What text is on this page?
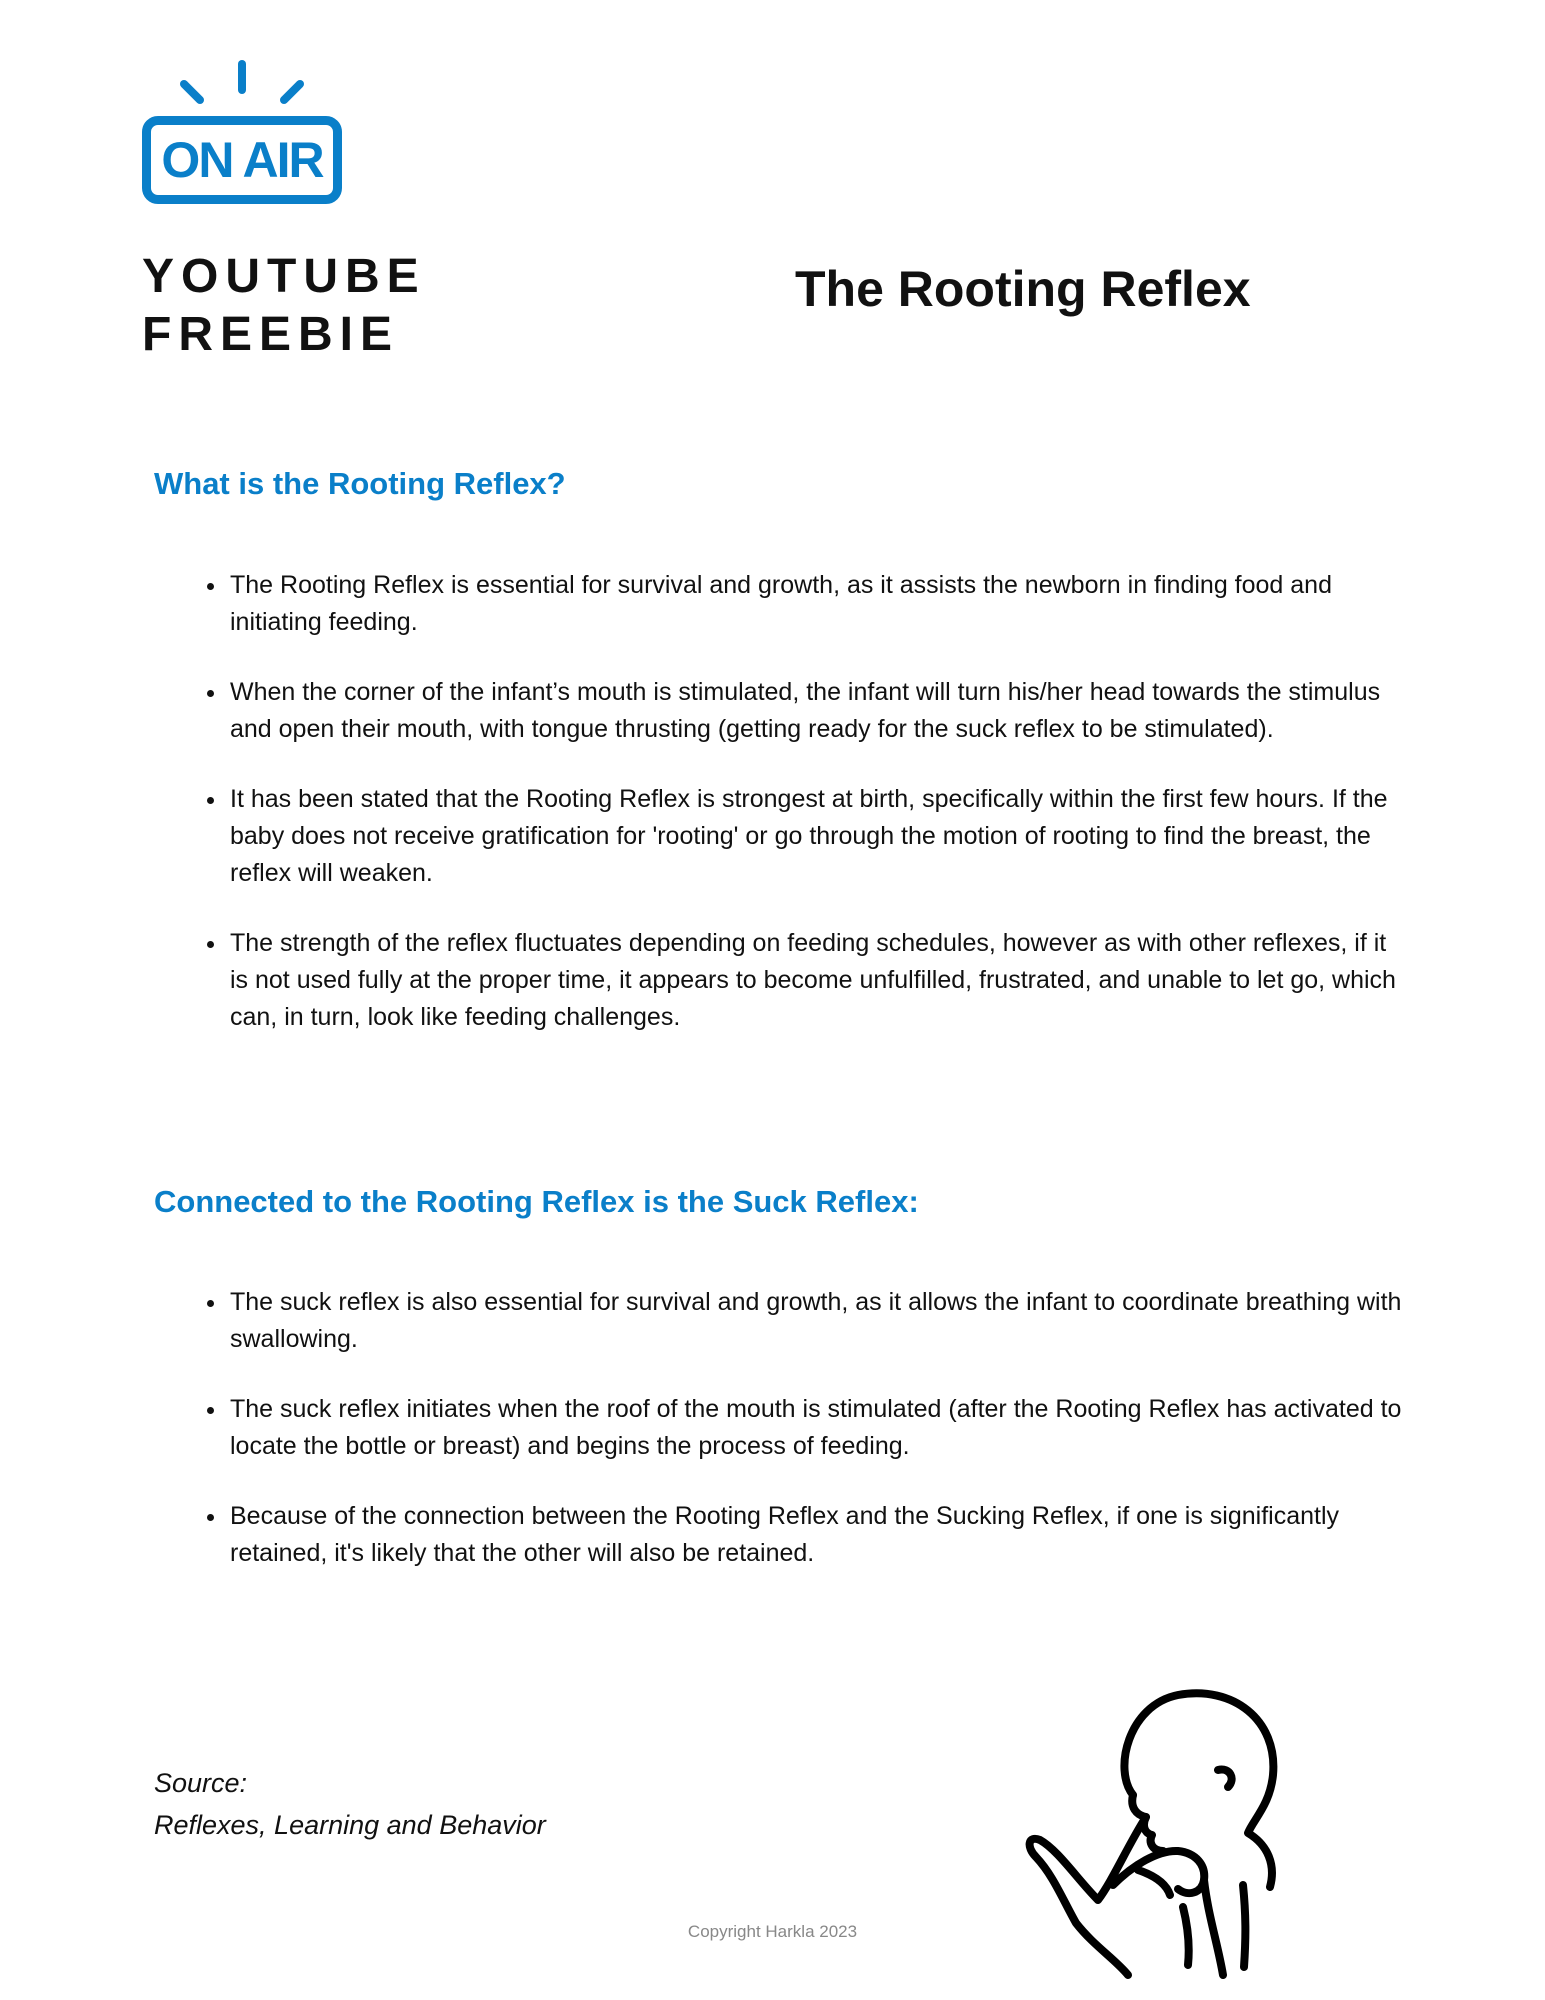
ON AIR
YOUTUBE
FREEBIE
The Rooting Reflex
What is the Rooting Reflex?
• The Rooting Reflex is essential for survival and growth, as it assists the newborn in finding food and initiating feeding.
• When the corner of the infant’s mouth is stimulated, the infant will turn his/her head towards the stimulus and open their mouth, with tongue thrusting (getting ready for the suck reflex to be stimulated).
• It has been stated that the Rooting Reflex is strongest at birth, specifically within the first few hours. If the baby does not receive gratification for 'rooting' or go through the motion of rooting to find the breast, the reflex will weaken.
• The strength of the reflex fluctuates depending on feeding schedules, however as with other reflexes, if it is not used fully at the proper time, it appears to become unfulfilled, frustrated, and unable to let go, which can, in turn, look like feeding challenges.
Connected to the Rooting Reflex is the Suck Reflex:
• The suck reflex is also essential for survival and growth, as it allows the infant to coordinate breathing with swallowing.
• The suck reflex initiates when the roof of the mouth is stimulated (after the Rooting Reflex has activated to locate the bottle or breast) and begins the process of feeding.
• Because of the connection between the Rooting Reflex and the Sucking Reflex, if one is significantly retained, it's likely that the other will also be retained.

Source:
Reflexes, Learning and Behavior

Copyright Harkla 2023
